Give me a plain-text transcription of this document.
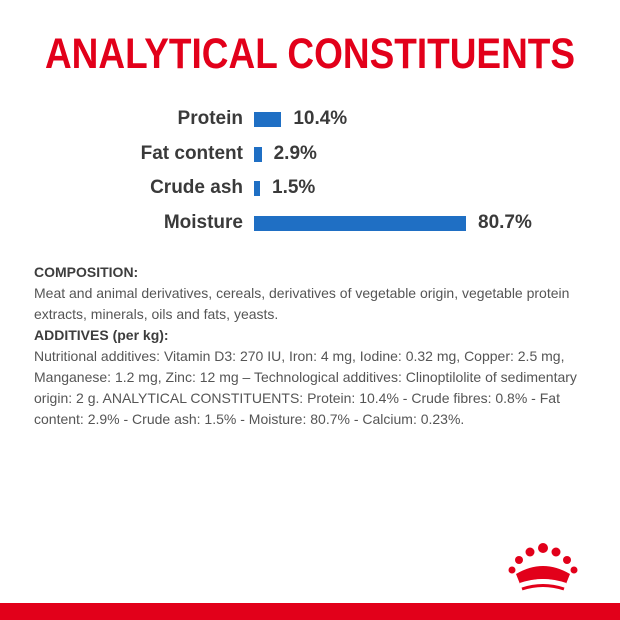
ANALYTICAL CONSTITUENTS
Protein	10.4%
Fat content 2.9%
Crude ash 1.5%
Moisture	80.7%

COMPOSITION:

Meat and animal derivatives, cereals, derivatives of vegetable origin, vegetable protein extracts, minerals, oils and fats, yeasts.

ADDITIVES (per kg):

Nutritional additives: Vitamin D3: 270 IU, Iron: 4 mg, Iodine: 0.32 mg, Copper: 2.5 mg, Manganese: 1.2 mg, Zinc: 12 mg – Technological additives: Clinoptilolite of sedimentary origin: 2 g. ANALYTICAL CONSTITUENTS: Protein: 10.4% - Crude fibres: 0.8% - Fat content: 2.9% - Crude ash: 1.5% - Moisture: 80.7% - Calcium: 0.23%.
